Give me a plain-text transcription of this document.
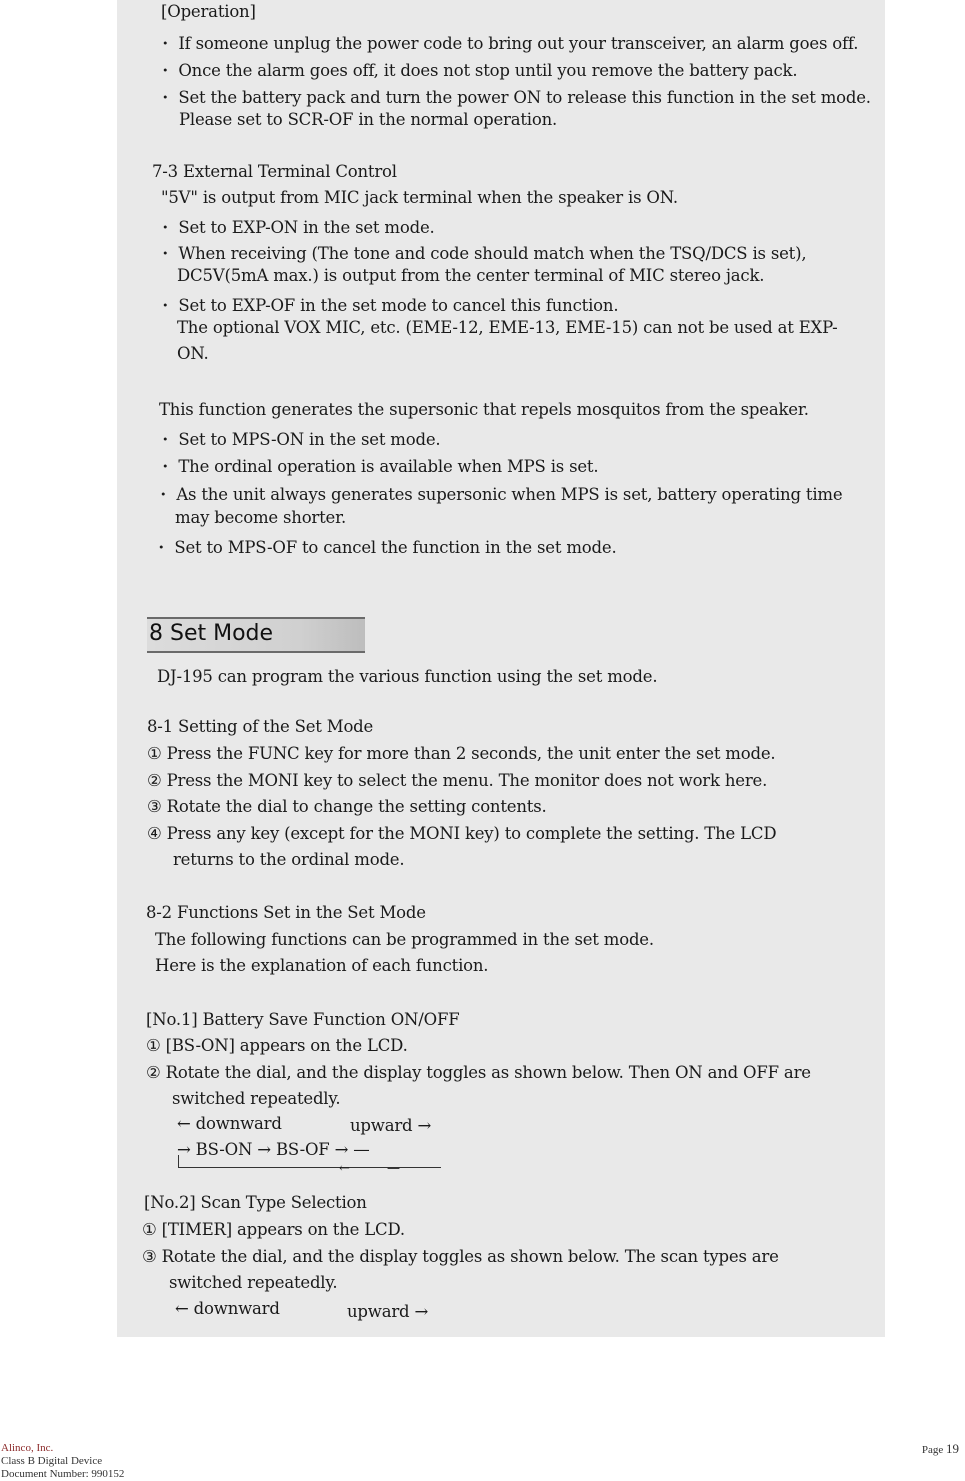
[Operation]
・ If someone unplug the power code to bring out your transceiver, an alarm goes off.
・ Once the alarm goes off, it does not stop until you remove the battery pack.
・ Set the battery pack and turn the power ON to release this function in the set mode.
Please set to SCR-OF in the normal operation.
7-3 External Terminal Control
"5V" is output from MIC jack terminal when the speaker is ON.
・ Set to EXP-ON in the set mode.
・ When receiving (The tone and code should match when the TSQ/DCS is set),
DC5V(5mA max.) is output from the center terminal of MIC stereo jack.
・ Set to EXP-OF in the set mode to cancel this function.
The optional VOX MIC, etc. (EME-12, EME-13, EME-15) can not be used at EXP-
ON.
This function generates the supersonic that repels mosquitos from the speaker.
・ Set to MPS-ON in the set mode.
・ The ordinal operation is available when MPS is set.
・ As the unit always generates supersonic when MPS is set, battery operating time
may become shorter.
・ Set to MPS-OF to cancel the function in the set mode.
8 Set Mode
DJ-195 can program the various function using the set mode.
8-1 Setting of the Set Mode
① Press the FUNC key for more than 2 seconds, the unit enter the set mode.
② Press the MONI key to select the menu. The monitor does not work here.
③ Rotate the dial to change the setting contents.
④ Press any key (except for the MONI key) to complete the setting. The LCD
returns to the ordinal mode.
8-2 Functions Set in the Set Mode
The following functions can be programmed in the set mode.
Here is the explanation of each function.
[No.1] Battery Save Function ON/OFF
① [BS-ON] appears on the LCD.
② Rotate the dial, and the display toggles as shown below. Then ON and OFF are
switched repeatedly.
← downward	upward →
→ BS-ON → BS-OF → —
←	—
[No.2] Scan Type Selection
① [TIMER] appears on the LCD.
③ Rotate the dial, and the display toggles as shown below. The scan types are
switched repeatedly.
← downward	upward →
Alinco, Inc.
Class B Digital Device
Document Number: 990152
Page 19
